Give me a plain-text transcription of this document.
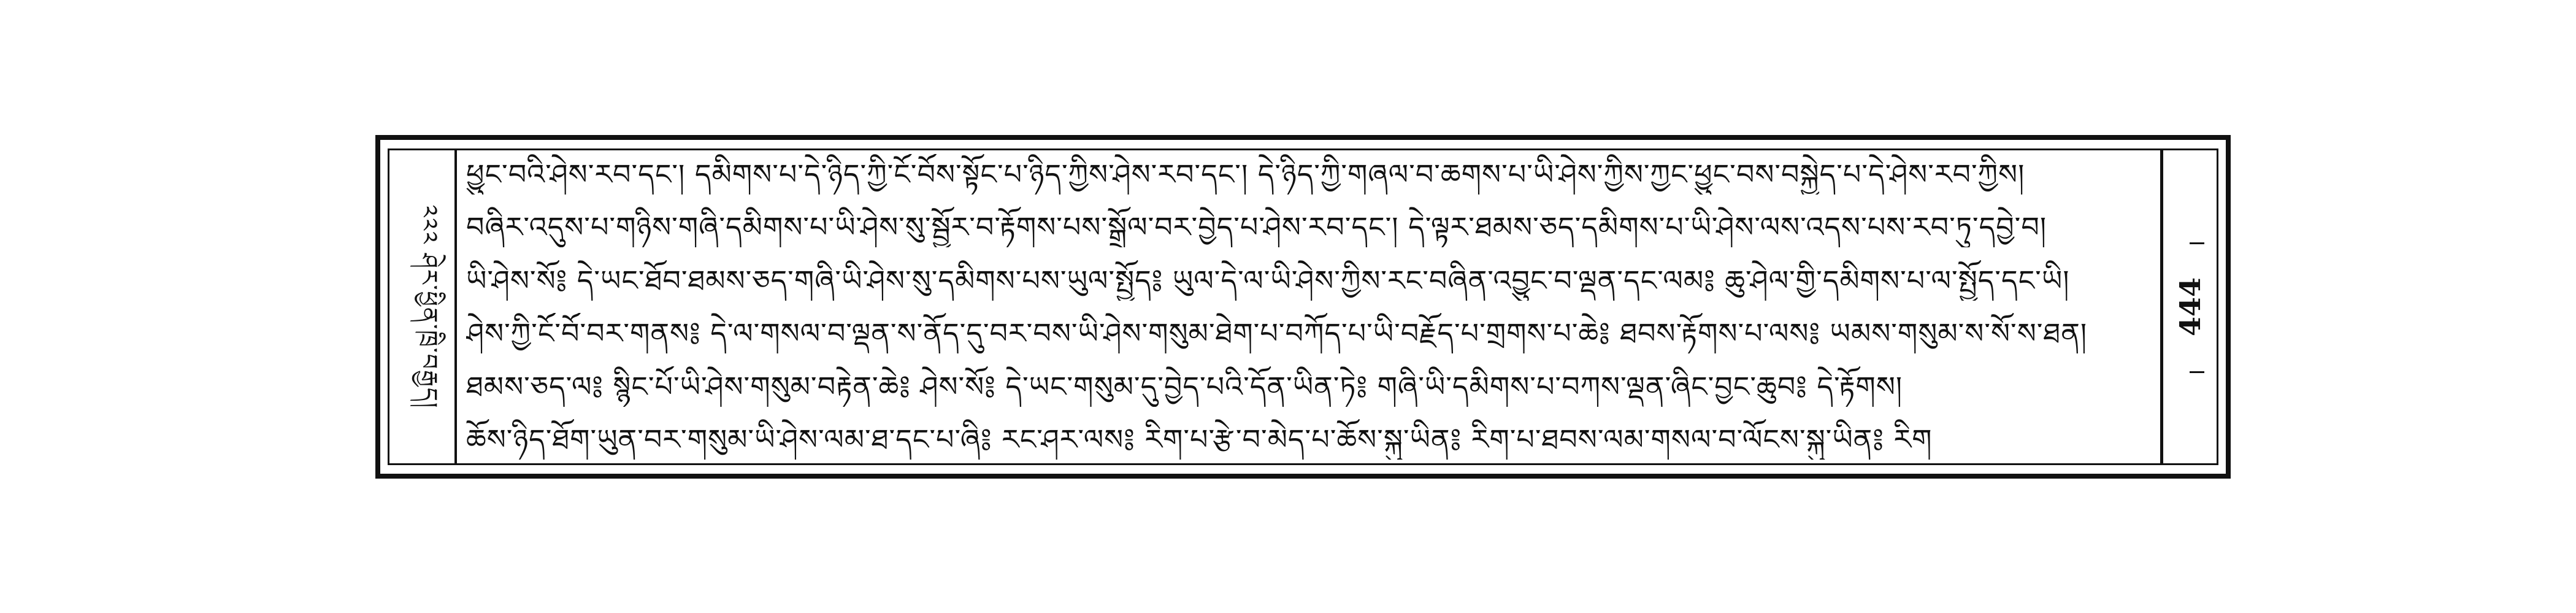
༢༢༢ ཤེར་ཕྱིན་ཁྲི་བརྒྱད།
ཕྱུང་བའི་ཤེས་རབ་དང༌། དམིགས་པ་དེ་ཉིད་ཀྱི་ངོ་བོས་སྟོང་པ་ཉིད་ཀྱིས་ཤེས་རབ་དང༌། དེ་ཉིད་ཀྱི་གཞལ་བ་ཆགས་པ་ཡི་ཤེས་ཀྱིས་ཀྱང་ཕྱུང་བས་བསྐྱེད་པ་དེ་ཤེས་རབ་ཀྱིས།
བཞིར་འདུས་པ་གཉིས་གཞི་དམིགས་པ་ཡི་ཤེས་སུ་སྦྱོར་བ་རྟོགས་པས་སྒྲོལ་བར་བྱེད་པ་ཤེས་རབ་དང༌། དེ་ལྟར་ཐམས་ཅད་དམིགས་པ་ཡི་ཤེས་ལས་འདས་པས་རབ་ཏུ་དབྱེ་བ།
ཡི་ཤེས་སོ༔ དེ་ཡང་ཐོབ་ཐམས་ཅད་གཞི་ཡི་ཤེས་སུ་དམིགས་པས་ཡུལ་སྤྱོད༔ ཡུལ་དེ་ལ་ཡི་ཤེས་ཀྱིས་རང་བཞིན་འབྱུང་བ་ལྡན་དང་ལམ༔ ཆུ་ཤེལ་གྱི་དམིགས་པ་ལ་སྤྱོད་དང་ཡི།
ཤེས་ཀྱི་ངོ་བོ་བར་གནས༔ དེ་ལ་གསལ་བ་ལྡན་ས་ནོད་དུ་བར་བས་ཡི་ཤེས་གསུམ་ཐེག་པ་བཀོད་པ་ཡི་བརྗོད་པ་གྲགས་པ་ཆེ༔ ཐབས་རྟོགས་པ་ལས༔ ཡམས་གསུམ་ས་སོ་ས་ཐན།
ཐམས་ཅད་ལ༔ སྙིང་པོ་ཡི་ཤེས་གསུམ་བརྟེན་ཆེ༔ ཤེས་སོ༔ དེ་ཡང་གསུམ་དུ་བྱེད་པའི་དོན་ཡིན་ཏེ༔ གཞི་ཡི་དམིགས་པ་བཀས་ལྡན་ཞིང་བྱང་ཆུབ༔ དེ་རྟོགས།
ཆོས་ཉིད་ཐོག་ཡུན་བར་གསུམ་ཡི་ཤེས་ལམ་ཐ་དང་པ་ཞི༔ རང་ཤར་ལས༔ རིག་པ་རྩེ་བ་མེད་པ་ཆོས་སྐུ་ཡིན༔ རིག་པ་ཐབས་ལམ་གསལ་བ་ལོངས་སྐུ་ཡིན༔ རིག
444
